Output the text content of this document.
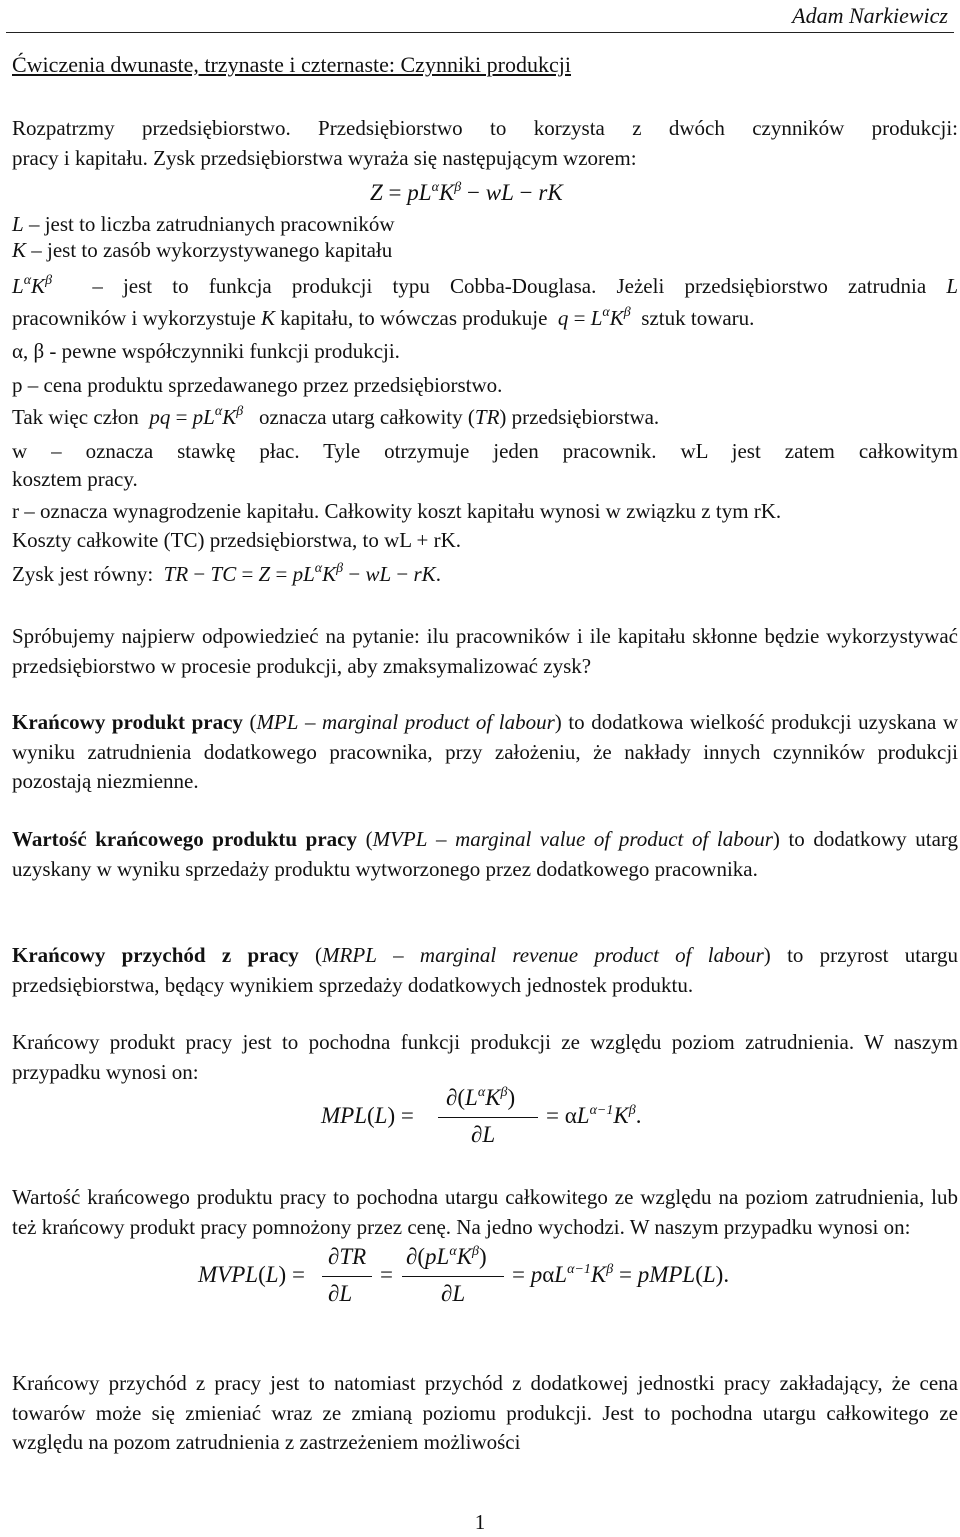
Adam Narkiewicz
Ćwiczenia dwunaste, trzynaste i czternaste: Czynniki produkcji
Rozpatrzmy przedsiębiorstwo. Przedsiębiorstwo to korzysta z dwóch czynników produkcji:
pracy i kapitału. Zysk przedsiębiorstwa wyraża się następującym wzorem:
$Z = pL^\alpha K^\beta$ − wL − rK
L – jest to liczba zatrudnianych pracowników
K – jest to zasób wykorzystywanego kapitału
$L^\alpha K^\beta$  – jest to funkcja produkcji typu Cobba-Douglasa. Jeżeli przedsiębiorstwo zatrudnia L
pracowników i wykorzystuje K kapitału, to wówczas produkuje  $q = L^\alpha K^\beta$  sztuk towaru.
α, β - pewne współczynniki funkcji produkcji.
p – cena produktu sprzedawanego przez przedsiębiorstwo.
Tak więc człon  pq = $pL^\alpha K^\beta$   oznacza utarg całkowity (TR) przedsiębiorstwa.
w – oznacza stawkę płac. Tyle otrzymuje jeden pracownik. wL jest zatem całkowitym
kosztem pracy.
r – oznacza wynagrodzenie kapitału. Całkowity koszt kapitału wynosi w związku z tym rK.
Koszty całkowite (TC) przedsiębiorstwa, to wL + rK.
Zysk jest równy:  TR − TC = $Z = pL^\alpha K^\beta$ − wL − rK.
Spróbujemy najpierw odpowiedzieć na pytanie: ilu pracowników i ile kapitału skłonne będzie wykorzystywać przedsiębiorstwo w procesie produkcji, aby zmaksymalizować zysk?
Krańcowy produkt pracy (MPL – marginal product of labour) to dodatkowa wielkość produkcji uzyskana w wyniku zatrudnienia dodatkowego pracownika, przy założeniu, że nakłady innych czynników produkcji pozostają niezmienne.
Wartość krańcowego produktu pracy (MVPL – marginal value of product of labour) to dodatkowy utarg uzyskany w wyniku sprzedaży produktu wytworzonego przez dodatkowego pracownika.
Krańcowy przychód z pracy (MRPL – marginal revenue product of labour) to przyrost utargu przedsiębiorstwa, będący wynikiem sprzedaży dodatkowych jednostek produktu.
Krańcowy produkt pracy jest to pochodna funkcji produkcji ze względu poziom zatrudnienia. W naszym przypadku wynosi on:
MPL(L) =
$\partial(L^\alpha K^\beta)$
∂L
= $\alpha L^{\alpha-1}K^\beta$.
Wartość krańcowego produktu pracy to pochodna utargu całkowitego ze względu na poziom zatrudnienia, lub też krańcowy produkt pracy pomnożony przez cenę. Na jedno wychodzi. W naszym przypadku wynosi on:
MVPL(L) =
∂TR
∂L
=
$\partial(pL^\alpha K^\beta)$
∂L
= $p\alpha L^{\alpha-1}K^\beta$ = pMPL(L).
Krańcowy przychód z pracy jest to natomiast przychód z dodatkowej jednostki pracy zakładający, że cena towarów może się zmieniać wraz ze zmianą poziomu produkcji. Jest to pochodna utargu całkowitego ze względu na pozom zatrudnienia z zastrzeżeniem możliwości
1
